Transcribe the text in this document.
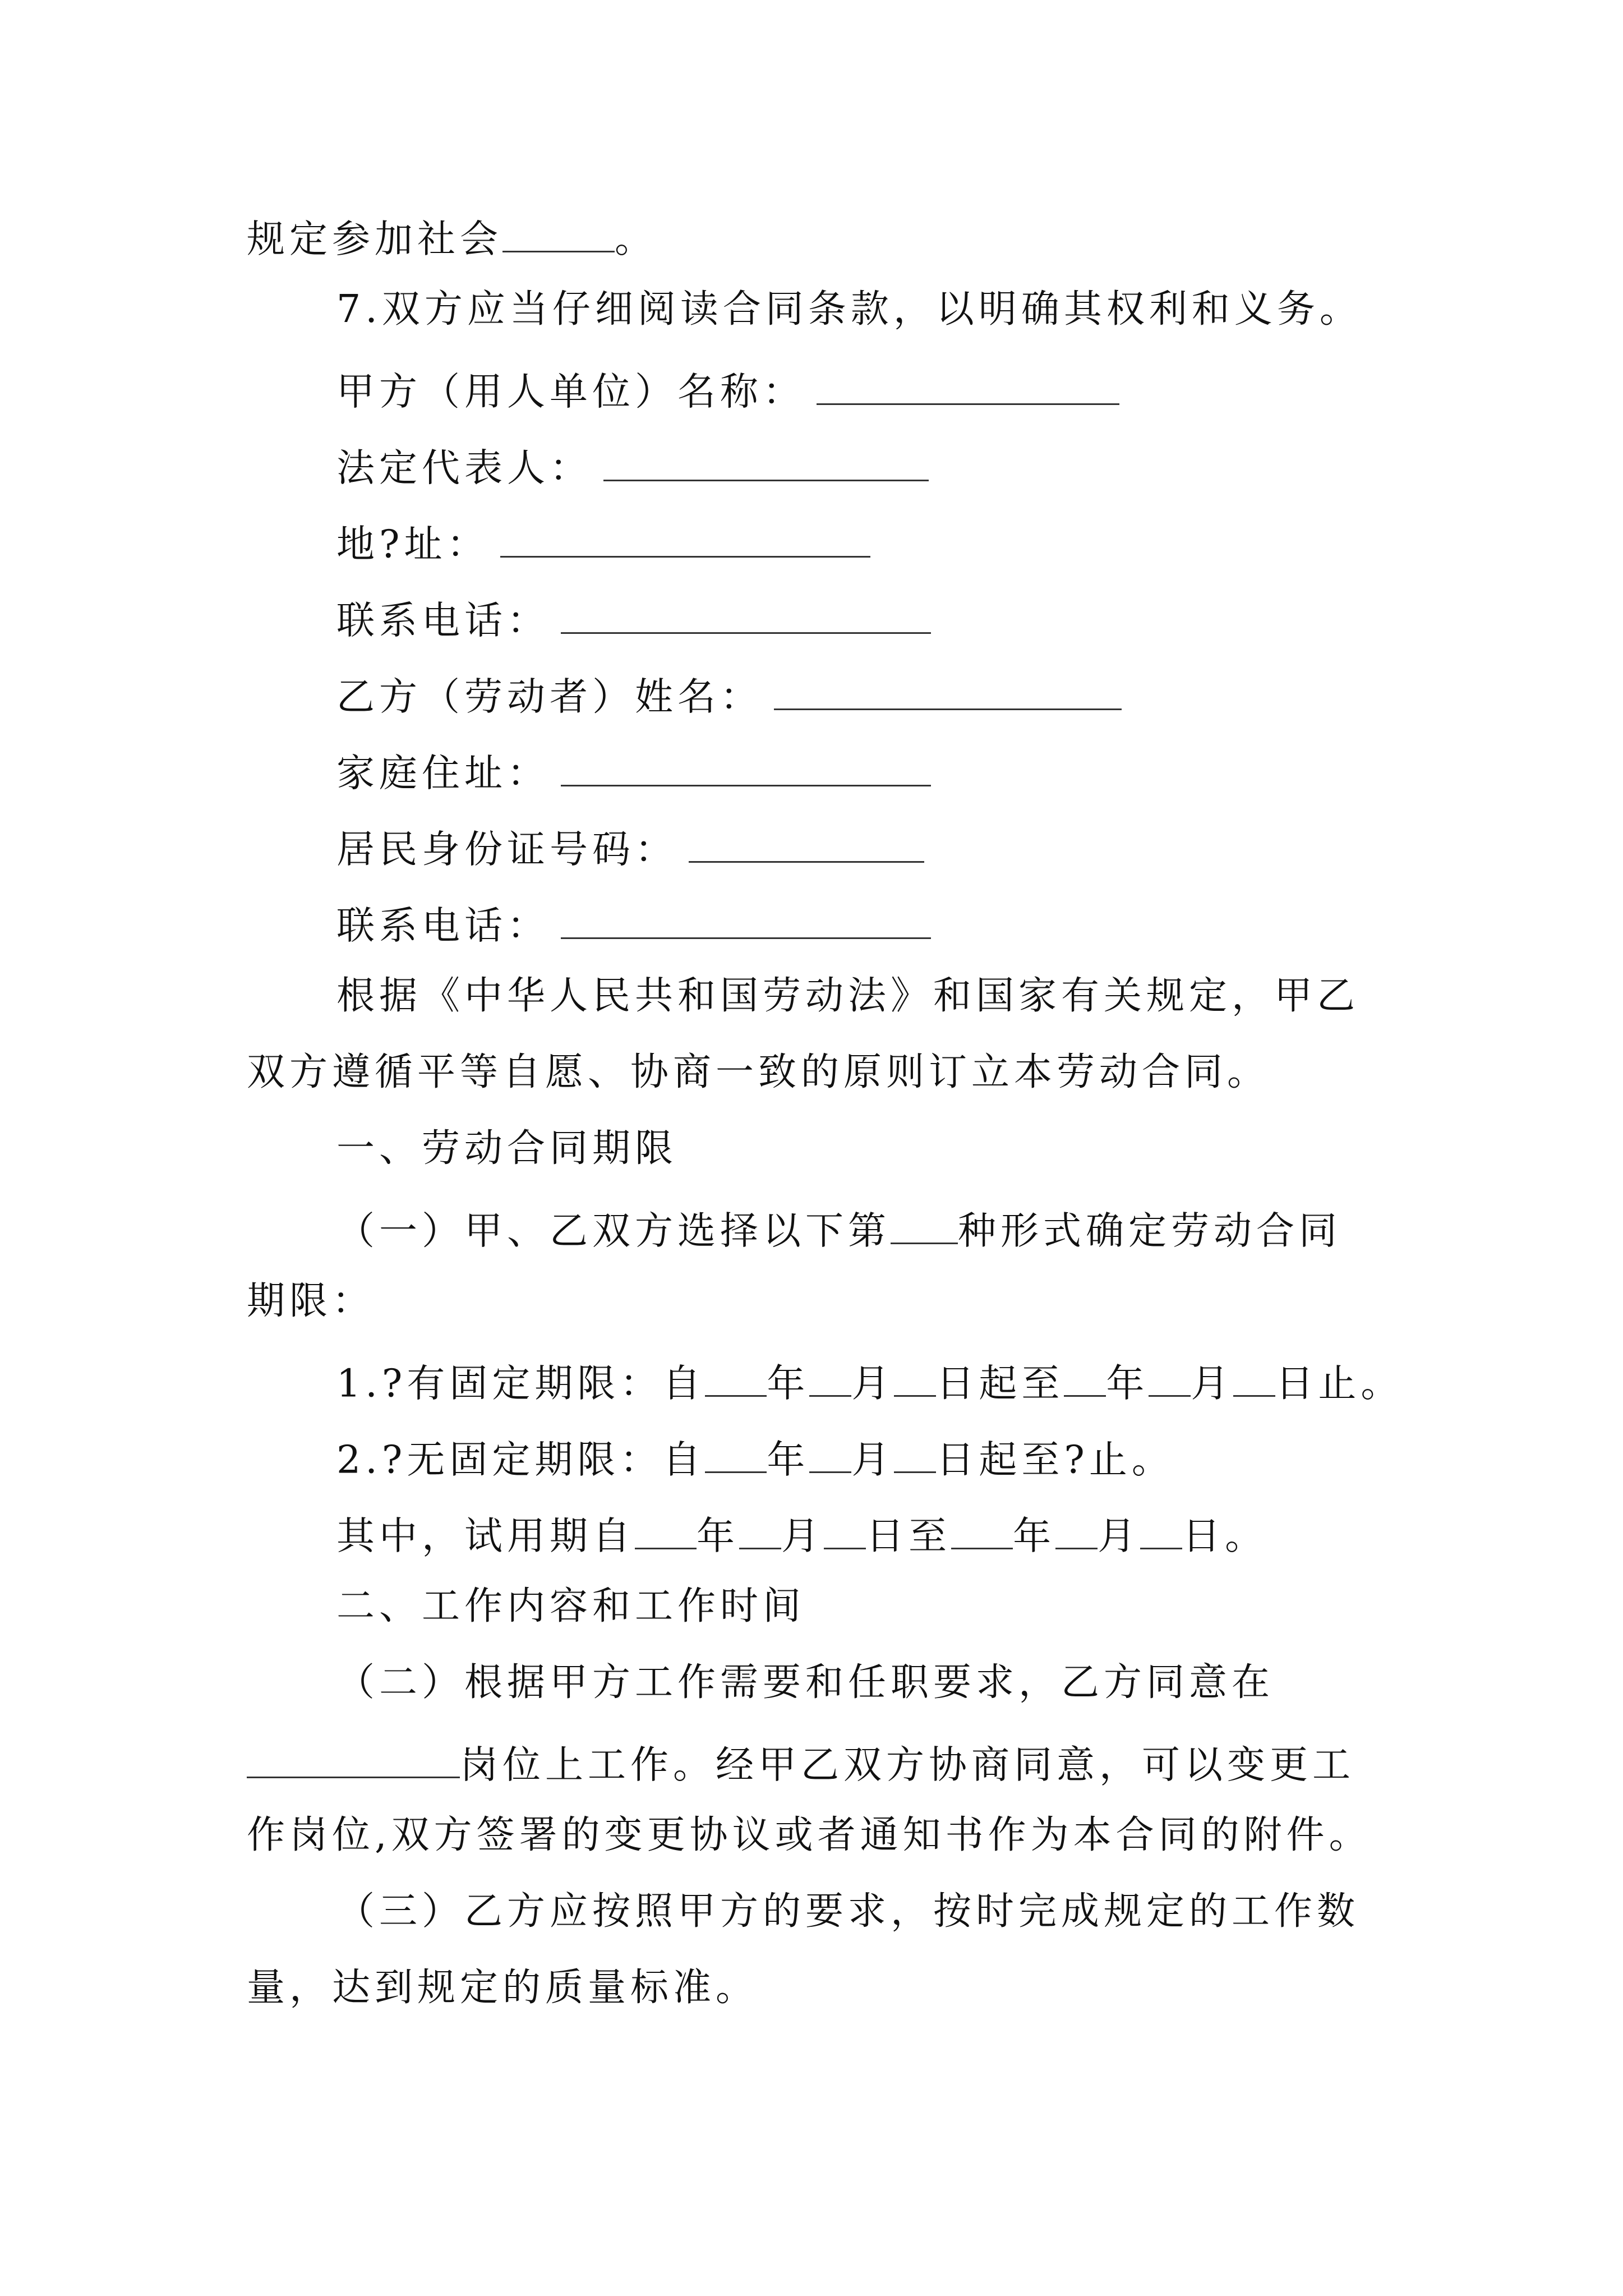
规定参加社会	。
7.双方应当仔细阅读合同条款，以明确其权利和义务。
甲方（用人单位）名称：
法定代表人：
地?址：
联系电话：
乙方（劳动者）姓名：
家庭住址：
居民身份证号码：
联系电话：
根据《中华人民共和国劳动法》和国家有关规定，甲乙
双方遵循平等自愿、协商一致的原则订立本劳动合同。
一、劳动合同期限
（一）甲、乙双方选择以下第 种形式确定劳动合同
期限：
1.?有固定期限：自 年 月 日起至 年 月 日止。
2.?无固定期限：自 年 月 日起至?止。
其中，试用期自 年 月 日至 年 月 日。
二、工作内容和工作时间
（二）根据甲方工作需要和任职要求，乙方同意在
岗位上工作。经甲乙双方协商同意，可以变更工
作岗位,双方签署的变更协议或者通知书作为本合同的附件。
（三）乙方应按照甲方的要求，按时完成规定的工作数
量，达到规定的质量标准。
